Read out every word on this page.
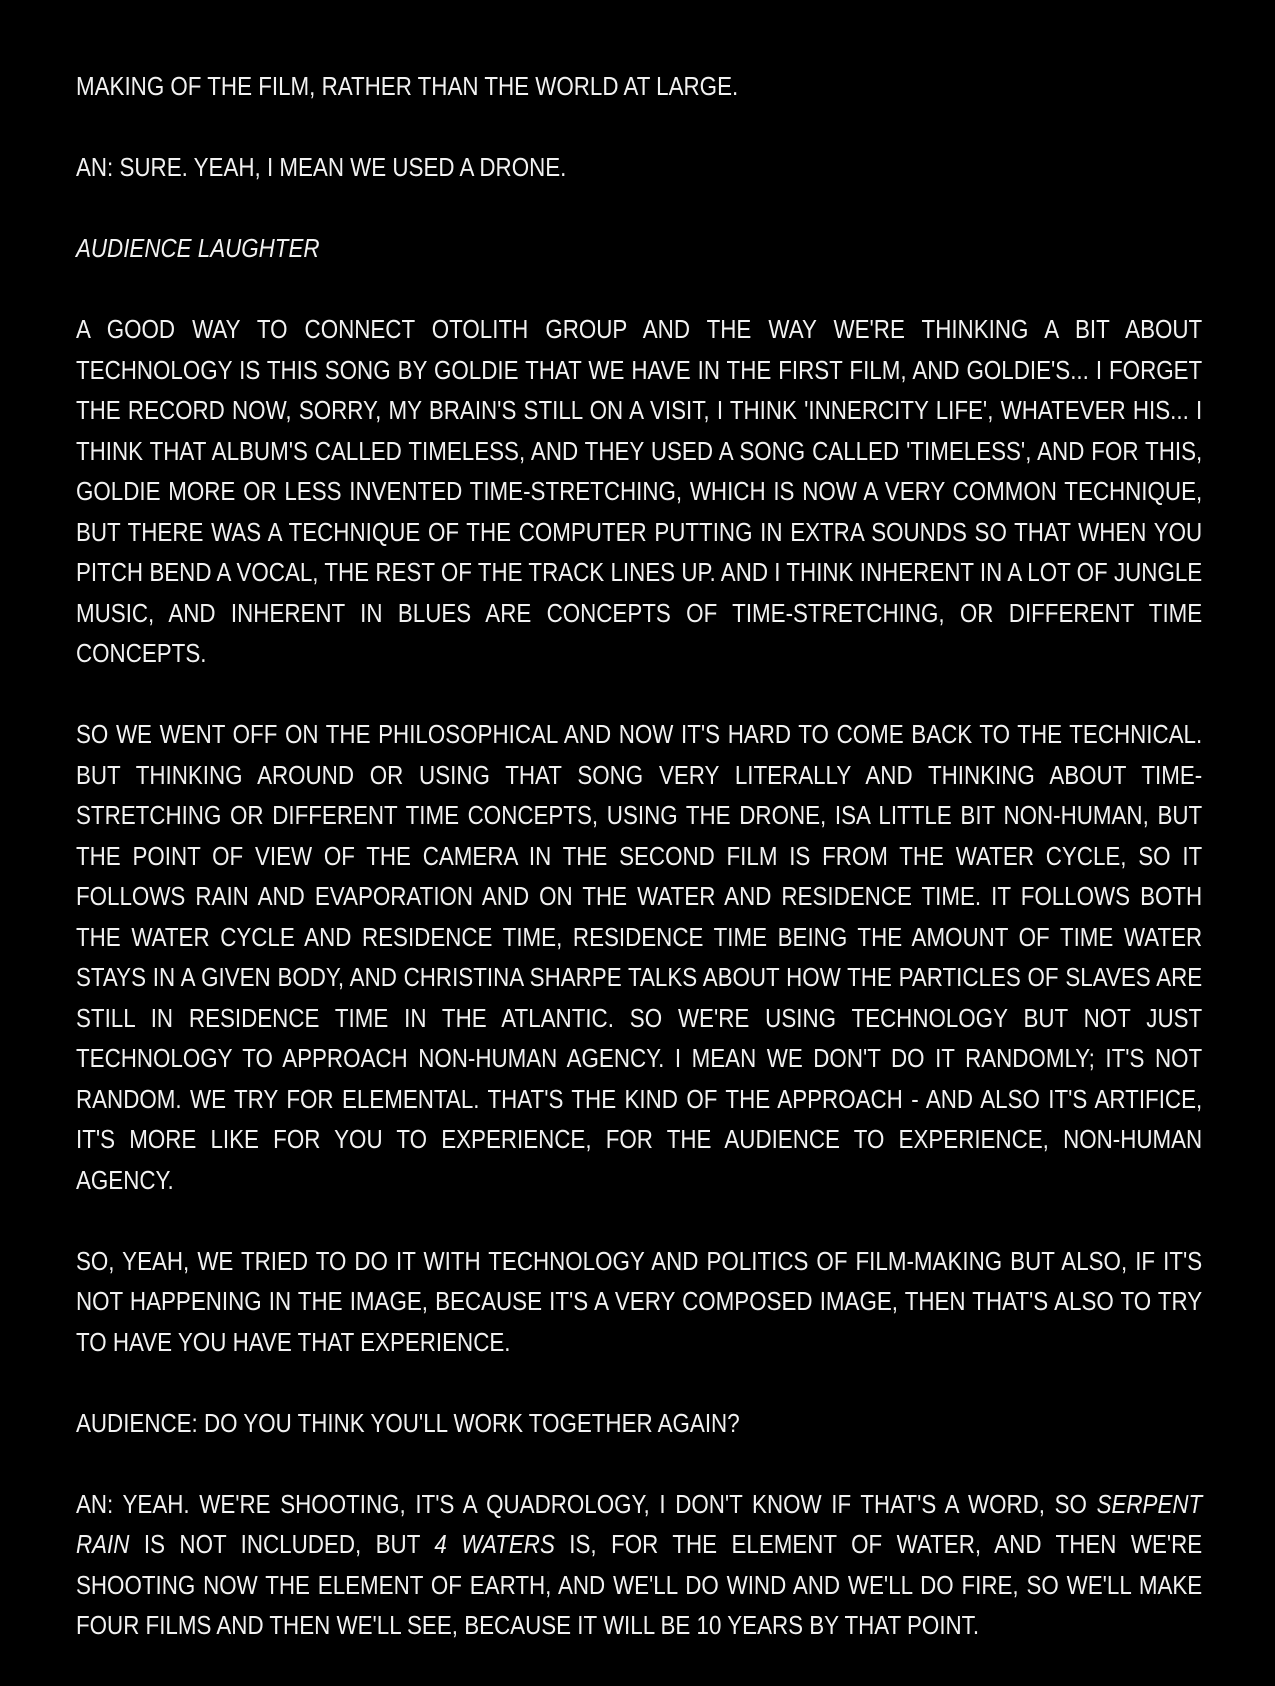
MAKING OF THE FILM, RATHER THAN THE WORLD AT LARGE.

AN: SURE. YEAH, I MEAN WE USED A DRONE.

AUDIENCE LAUGHTER

A GOOD WAY TO CONNECT OTOLITH GROUP AND THE WAY WE'RE THINKING A BIT ABOUT TECHNOLOGY IS THIS SONG BY GOLDIE THAT WE HAVE IN THE FIRST FILM, AND GOLDIE'S... I FORGET THE RECORD NOW, SORRY, MY BRAIN'S STILL ON A VISIT, I THINK 'INNERCITY LIFE', WHATEVER HIS... I THINK THAT ALBUM'S CALLED TIMELESS, AND THEY USED A SONG CALLED 'TIMELESS', AND FOR THIS, GOLDIE MORE OR LESS INVENTED TIME-STRETCHING, WHICH IS NOW A VERY COMMON TECHNIQUE, BUT THERE WAS A TECHNIQUE OF THE COMPUTER PUTTING IN EXTRA SOUNDS SO THAT WHEN YOU PITCH BEND A VOCAL, THE REST OF THE TRACK LINES UP. AND I THINK INHERENT IN A LOT OF JUNGLE MUSIC, AND INHERENT IN BLUES ARE CONCEPTS OF TIME-STRETCHING, OR DIFFERENT TIME CONCEPTS.

SO WE WENT OFF ON THE PHILOSOPHICAL AND NOW IT'S HARD TO COME BACK TO THE TECHNICAL. BUT THINKING AROUND OR USING THAT SONG VERY LITERALLY AND THINKING ABOUT TIME-STRETCHING OR DIFFERENT TIME CONCEPTS, USING THE DRONE, ISA LITTLE BIT NON-HUMAN, BUT THE POINT OF VIEW OF THE CAMERA IN THE SECOND FILM IS FROM THE WATER CYCLE, SO IT FOLLOWS RAIN AND EVAPORATION AND ON THE WATER AND RESIDENCE TIME. IT FOLLOWS BOTH THE WATER CYCLE AND RESIDENCE TIME, RESIDENCE TIME BEING THE AMOUNT OF TIME WATER STAYS IN A GIVEN BODY, AND CHRISTINA SHARPE TALKS ABOUT HOW THE PARTICLES OF SLAVES ARE STILL IN RESIDENCE TIME IN THE ATLANTIC. SO WE'RE USING TECHNOLOGY BUT NOT JUST TECHNOLOGY TO APPROACH NON-HUMAN AGENCY. I MEAN WE DON'T DO IT RANDOMLY; IT'S NOT RANDOM. WE TRY FOR ELEMENTAL. THAT'S THE KIND OF THE APPROACH - AND ALSO IT'S ARTIFICE, IT'S MORE LIKE FOR YOU TO EXPERIENCE, FOR THE AUDIENCE TO EXPERIENCE, NON-HUMAN AGENCY.

SO, YEAH, WE TRIED TO DO IT WITH TECHNOLOGY AND POLITICS OF FILM-MAKING BUT ALSO, IF IT'S NOT HAPPENING IN THE IMAGE, BECAUSE IT'S A VERY COMPOSED IMAGE, THEN THAT'S ALSO TO TRY TO HAVE YOU HAVE THAT EXPERIENCE.

AUDIENCE: DO YOU THINK YOU'LL WORK TOGETHER AGAIN?

AN: YEAH. WE'RE SHOOTING, IT'S A QUADROLOGY, I DON'T KNOW IF THAT'S A WORD, SO SERPENT RAIN IS NOT INCLUDED, BUT 4 WATERS IS, FOR THE ELEMENT OF WATER, AND THEN WE'RE SHOOTING NOW THE ELEMENT OF EARTH, AND WE'LL DO WIND AND WE'LL DO FIRE, SO WE'LL MAKE FOUR FILMS AND THEN WE'LL SEE, BECAUSE IT WILL BE 10 YEARS BY THAT POINT.
